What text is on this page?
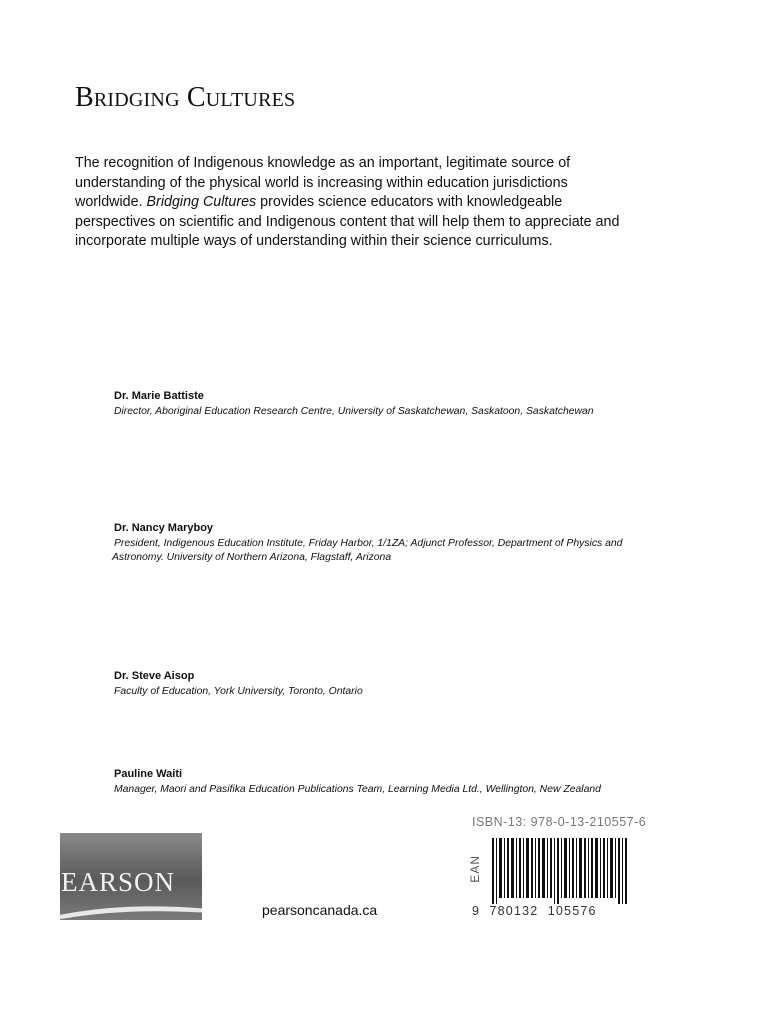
Bridging Cultures
The recognition of Indigenous knowledge as an important, legitimate source of understanding of the physical world is increasing within education jurisdictions worldwide. Bridging Cultures provides science educators with knowledgeable perspectives on scientific and Indigenous content that will help them to appreciate and incorporate multiple ways of understanding within their science curriculums.
Dr. Marie Battiste
Director, Aboriginal Education Research Centre, University of Saskatchewan, Saskatoon, Saskatchewan
Dr. Nancy Maryboy
President, Indigenous Education Institute, Friday Harbor, 1/1ZA; Adjunct Professor, Department of Physics and Astronomy. University of Northern Arizona, Flagstaff, Arizona
Dr. Steve Aisop
Faculty of Education, York University, Toronto, Ontario
Pauline Waiti
Manager, Maori and Pasifika Education Publications Team, Learning Media Ltd., Wellington, New Zealand
EARSON
pearsoncanada.ca
ISBN-13: 978-0-13-210557-6
EAN
9  780132  105576
